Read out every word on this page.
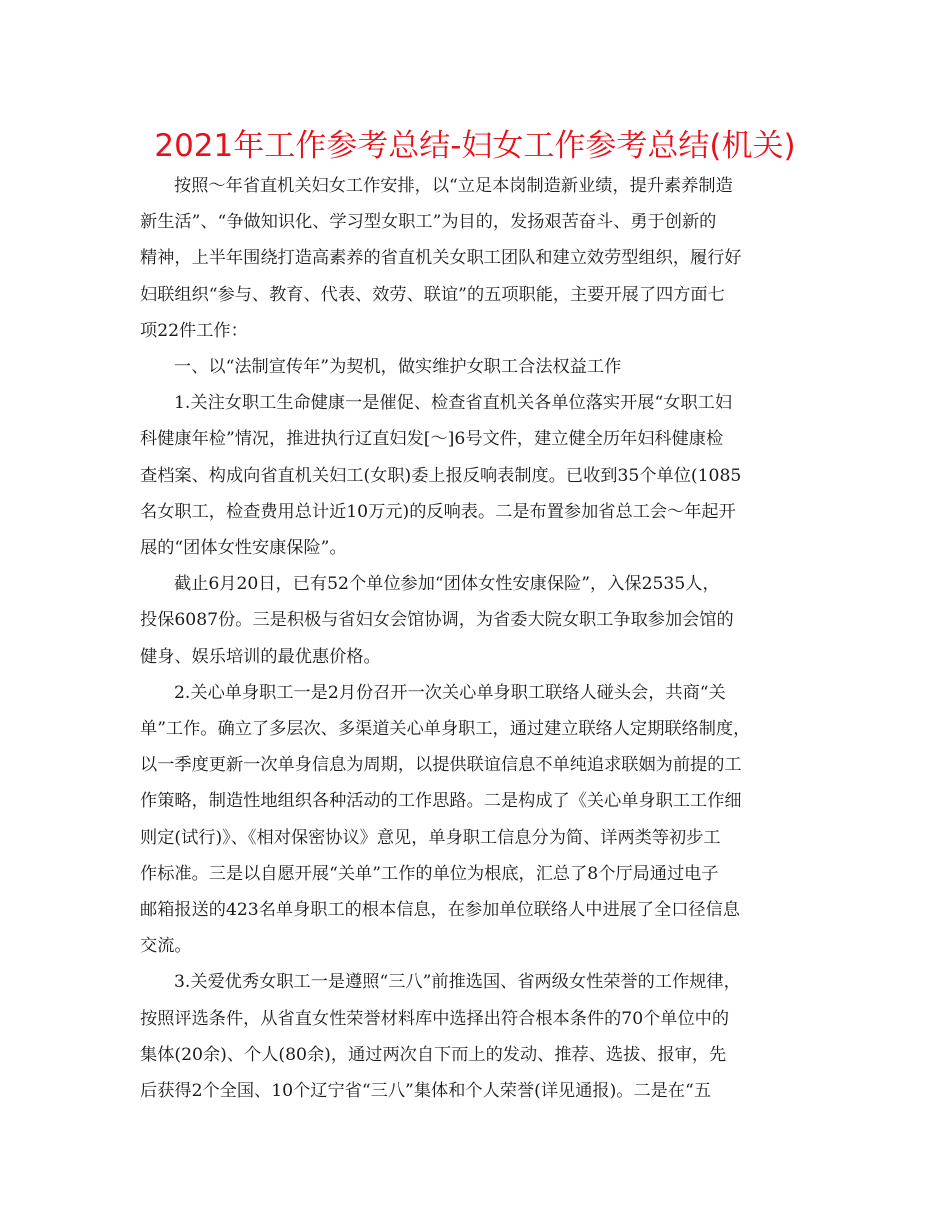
2021年工作参考总结-妇女工作参考总结(机关)

按照～年省直机关妇女工作安排，以“立足本岗制造新业绩，提升素养制造
新生活”、“争做知识化、学习型女职工”为目的，发扬艰苦奋斗、勇于创新的
精神，上半年围绕打造高素养的省直机关女职工团队和建立效劳型组织，履行好
妇联组织“参与、教育、代表、效劳、联谊”的五项职能，主要开展了四方面七
项22件工作：

一、以“法制宣传年”为契机，做实维护女职工合法权益工作

1.关注女职工生命健康一是催促、检查省直机关各单位落实开展“女职工妇
科健康年检”情况，推进执行辽直妇发[～]6号文件，建立健全历年妇科健康检
查档案、构成向省直机关妇工(女职)委上报反响表制度。已收到35个单位(1085
名女职工，检查费用总计近10万元)的反响表。二是布置参加省总工会～年起开
展的“团体女性安康保险”。

截止6月20日，已有52个单位参加“团体女性安康保险”，入保2535人，
投保6087份。三是积极与省妇女会馆协调，为省委大院女职工争取参加会馆的
健身、娱乐培训的最优惠价格。

2.关心单身职工一是2月份召开一次关心单身职工联络人碰头会，共商“关
单”工作。确立了多层次、多渠道关心单身职工，通过建立联络人定期联络制度，
以一季度更新一次单身信息为周期，以提供联谊信息不单纯追求联姻为前提的工
作策略，制造性地组织各种活动的工作思路。二是构成了《关心单身职工工作细
则定(试行)》、《相对保密协议》意见，单身职工信息分为简、详两类等初步工
作标准。三是以自愿开展“关单”工作的单位为根底，汇总了8个厅局通过电子
邮箱报送的423名单身职工的根本信息，在参加单位联络人中进展了全口径信息
交流。

3.关爱优秀女职工一是遵照“三八”前推选国、省两级女性荣誉的工作规律，
按照评选条件，从省直女性荣誉材料库中选择出符合根本条件的70个单位中的
集体(20余)、个人(80余)，通过两次自下而上的发动、推荐、选拔、报审，先
后获得2个全国、10个辽宁省“三八”集体和个人荣誉(详见通报)。二是在“五
